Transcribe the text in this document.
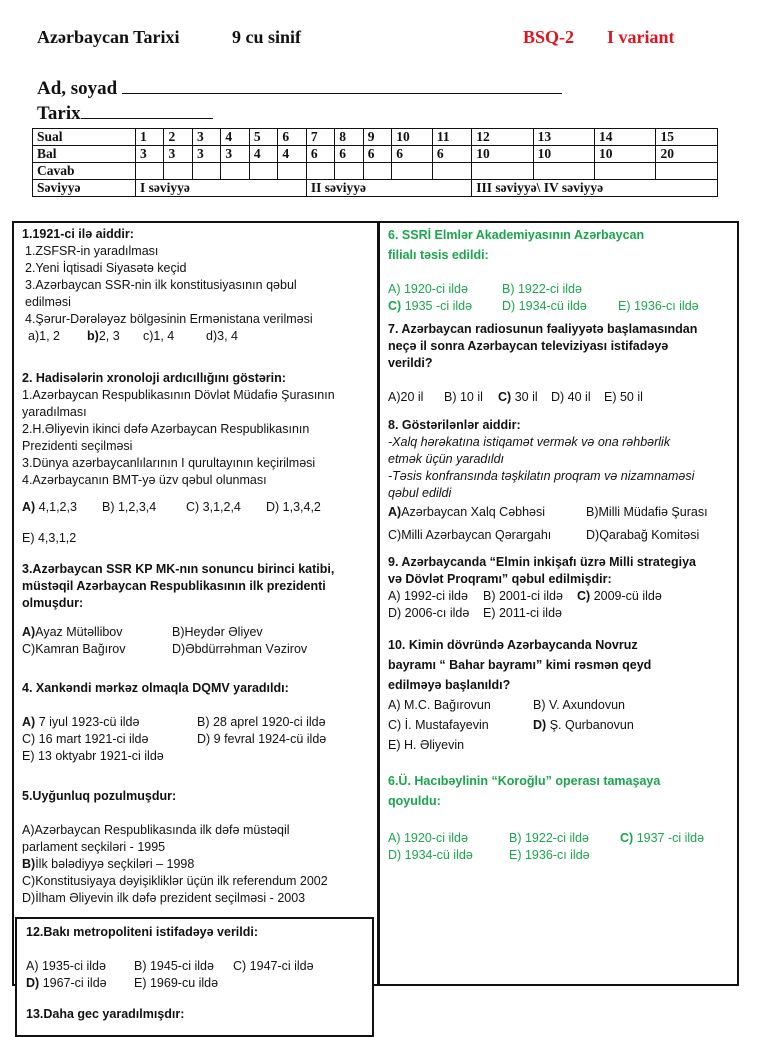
Azərbaycan Tarixi	9 cu sinif	BSQ-2 I variant
Ad, soyad
Tarix
Sual	1	2	3	4	5	6	7	8	9	10	11	12	13	14	15
Bal	3	3	3	3	4	4	6	6	6	6	6	10	10	10	20
Cavab															
Səviyyə	I səviyyə						II səviyyə					III səviyyə\ IV səviyyə			
1.1921-ci ilə aiddir:
1.ZSFSR-in yaradılması
2.Yeni İqtisadi Siyasətə keçid
3.Azərbaycan SSR-nin ilk konstitusiyasının qəbul
edilməsi
4.Şərur-Dərələyəz bölgəsinin Ermənistana verilməsi
a)1, 2 b)2, 3 c)1, 4	d)3, 4
2. Hadisələrin xronoloji ardıcıllığını göstərin:
1.Azərbaycan Respublikasının Dövlət Müdafiə Şurasının
yaradılması
2.H.Əliyevin ikinci dəfə Azərbaycan Respublikasının
Prezidenti seçilməsi
3.Dünya azərbaycanlılarının I qurultayının keçirilməsi
4.Azərbaycanın BMT-yə üzv qəbul olunması
A) 4,1,2,3 B) 1,2,3,4 C) 3,1,2,4 D) 1,3,4,2
E) 4,3,1,2
3.Azərbaycan SSR KP MK-nın sonuncu birinci katibi,
müstəqil Azərbaycan Respublikasının ilk prezidenti
olmuşdur:
A)Ayaz Mütəllibov	B)Heydər Əliyev
C)Kamran Bağırov	D)Əbdürrəhman Vəzirov
4. Xankəndi mərkəz olmaqla DQMV yaradıldı:
A) 7 iyul 1923-cü ildə	B) 28 aprel 1920-ci ildə
C) 16 mart 1921-ci ildə	D) 9 fevral 1924-cü ildə
E) 13 oktyabr 1921-ci ildə
5.Uyğunluq pozulmuşdur:
A)Azərbaycan Respublikasında ilk dəfə müstəqil
parlament seçkiləri - 1995
B)İlk bələdiyyə seçkiləri – 1998
C)Konstitusiyaya dəyişikliklər üçün ilk referendum 2002
D)İlham Əliyevin ilk dəfə prezident seçilməsi - 2003
12.Bakı metropoliteni istifadəyə verildi:
A) 1935-ci ildə B) 1945-ci ildə C) 1947-ci ildə
D) 1967-ci ildə E) 1969-cu ildə
13.Daha gec yaradılmışdır:
6. SSRİ Elmlər Akademiyasının Azərbaycan
filialı təsis edildi:
A) 1920-ci ildə	B) 1922-ci ildə
C) 1935 -ci ildə D) 1934-cü ildə E) 1936-cı ildə
7. Azərbaycan radiosunun fəaliyyətə başlamasından
neçə il sonra Azərbaycan televiziyası istifadəyə
verildi?
A)20 il B) 10 il C) 30 il D) 40 il E) 50 il
8. Göstərilənlər aiddir:
-Xalq hərəkatına istiqamət vermək və ona rəhbərlik
etmək üçün yaradıldı
-Təsis konfransında təşkilatın proqram və nizamnaməsi
qəbul edildi
A)Azərbaycan Xalq Cəbhəsi	B)Milli Müdafiə Şurası
C)Milli Azərbaycan Qərargahı	D)Qarabağ Komitəsi
9. Azərbaycanda “Elmin inkişafı üzrə Milli strategiya
və Dövlət Proqramı” qəbul edilmişdir:
A) 1992-ci ildə B) 2001-ci ildə C) 2009-cü ildə
D) 2006-cı ildə E) 2011-ci ildə
10. Kimin dövründə Azərbaycanda Novruz
bayramı “ Bahar bayramı” kimi rəsmən qeyd
edilməyə başlanıldı?
A) M.C. Bağırovun	B) V. Axundovun
C) İ. Mustafayevin	D) Ş. Qurbanovun
E) H. Əliyevin
6.Ü. Hacıbəylinin “Koroğlu” operası tamaşaya
qoyuldu:
A) 1920-ci ildə	B) 1922-ci ildə C) 1937 -ci ildə
D) 1934-cü ildə	E) 1936-cı ildə
